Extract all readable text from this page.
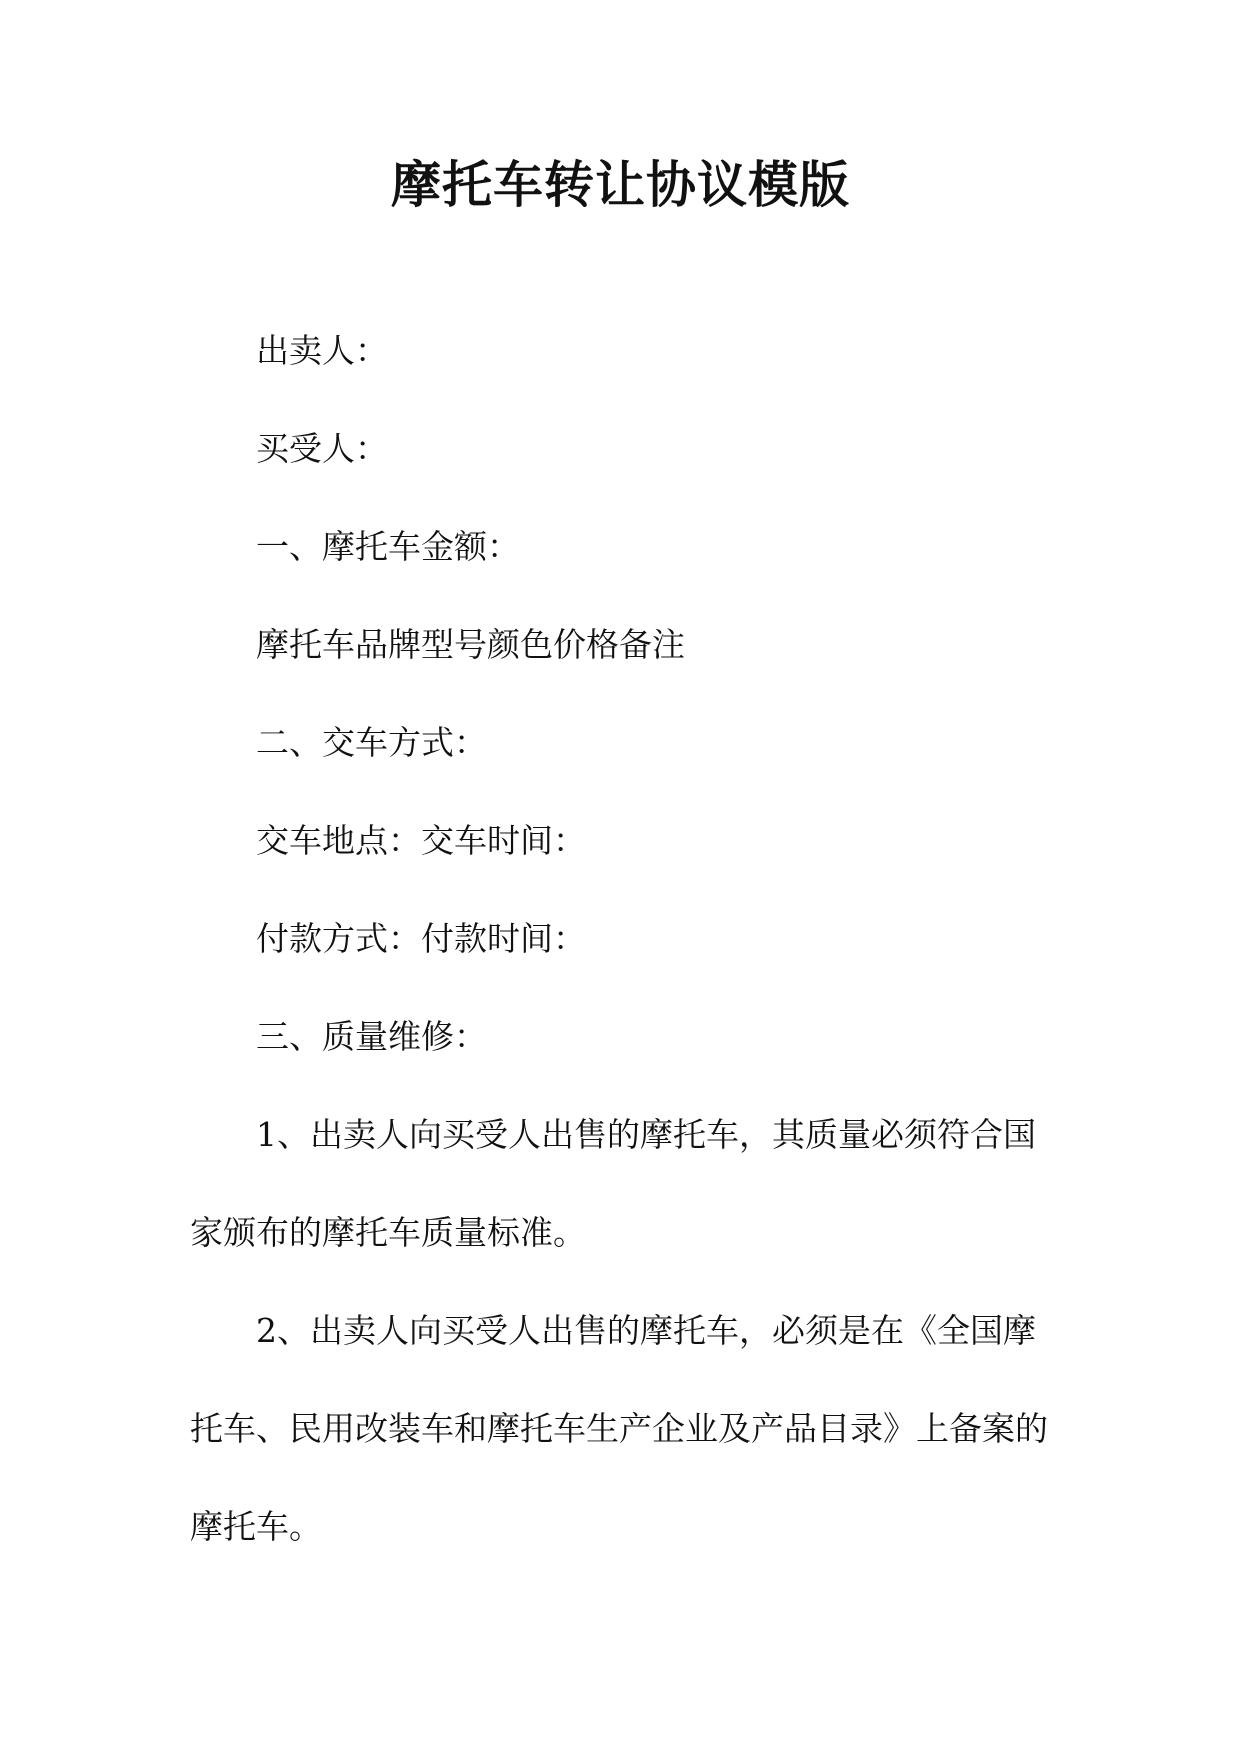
摩托车转让协议模版

出卖人：

买受人：

一、摩托车金额：

摩托车品牌型号颜色价格备注

二、交车方式：

交车地点：交车时间：

付款方式：付款时间：

三、质量维修：

1、出卖人向买受人出售的摩托车，其质量必须符合国家颁布的摩托车质量标准。

2、出卖人向买受人出售的摩托车，必须是在《全国摩托车、民用改装车和摩托车生产企业及产品目录》上备案的摩托车。
